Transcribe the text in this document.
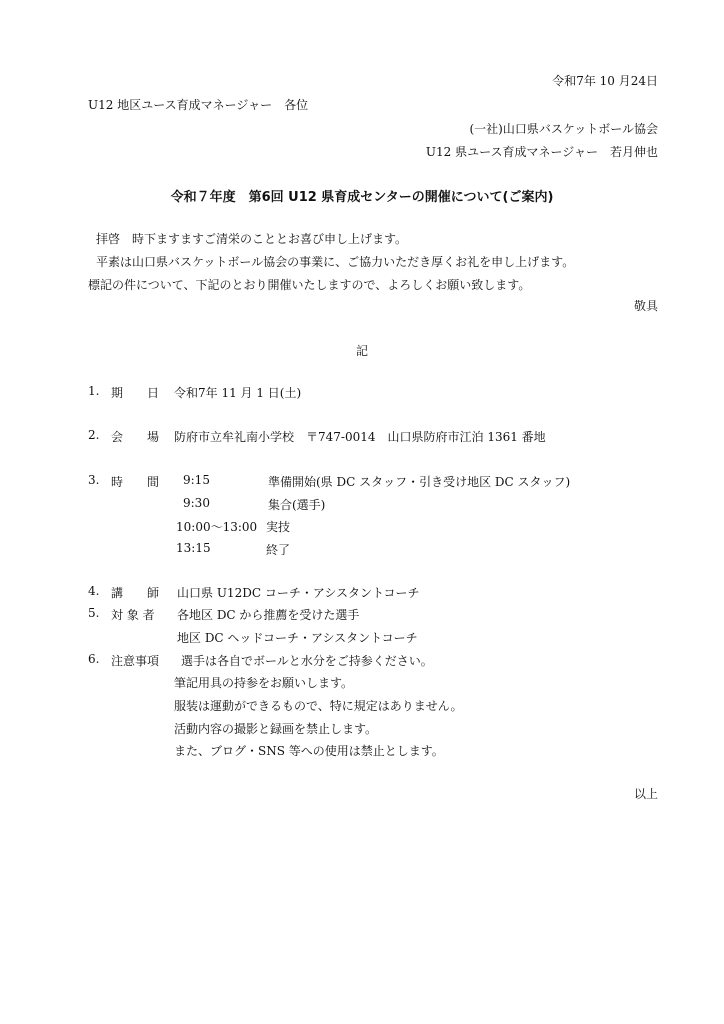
令和7年 10 月24日
U12 地区ユース育成マネージャー　各位
(一社)山口県バスケットボール協会
U12 県ユース育成マネージャー　若月伸也
令和７年度　第6回 U12 県育成センターの開催について(ご案内)
拝啓　時下ますますご清栄のこととお喜び申し上げます。
平素は山口県バスケットボール協会の事業に、ご協力いただき厚くお礼を申し上げます。
標記の件について、下記のとおり開催いたしますので、よろしくお願い致します。
敬具
記
1. 期　　日 令和7年 11 月 1 日(土)
2. 会　　場 防府市立牟礼南小学校　〒747-0014　山口県防府市江泊 1361 番地
3. 時　　間 9:15	準備開始(県 DC スタッフ・引き受け地区 DC スタッフ)
9:30	集合(選手)
10:00～13:00 実技
13:15	終了
4. 講　　師 山口県 U12DC コーチ・アシスタントコーチ
5. 対 象 者 各地区 DC から推薦を受けた選手
地区 DC ヘッドコーチ・アシスタントコーチ
6. 注意事項 選手は各自でボールと水分をご持参ください。
筆記用具の持参をお願いします。
服装は運動ができるもので、特に規定はありません。
活動内容の撮影と録画を禁止します。
また、ブログ・SNS 等への使用は禁止とします。
以上
